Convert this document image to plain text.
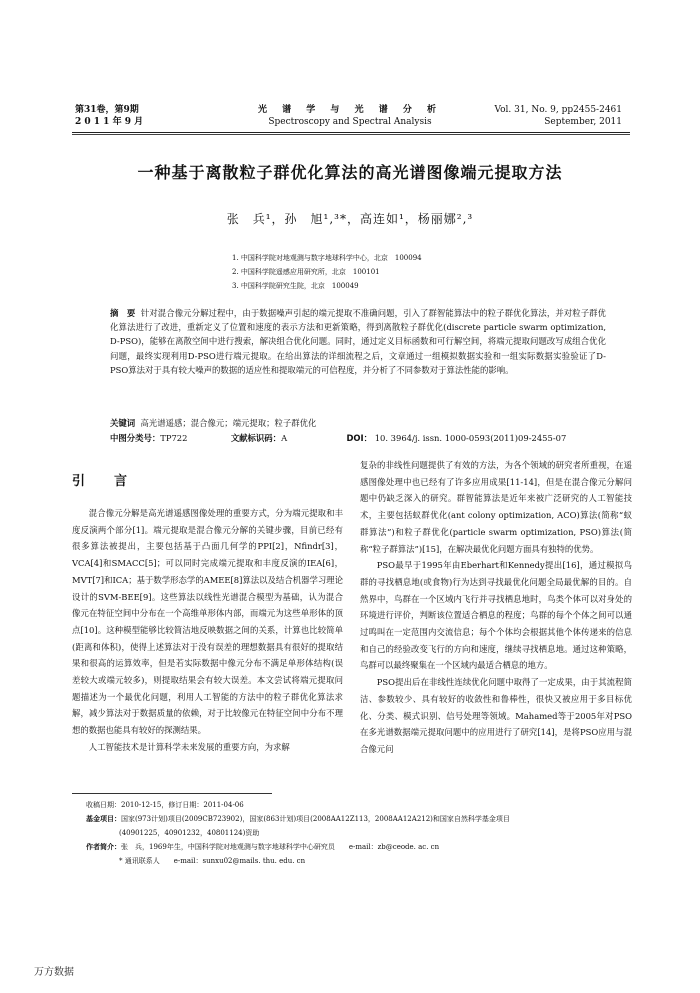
第31卷，第9期
2 0 1 1 年 9 月
光 谱 学 与 光 谱 分 析
Spectroscopy and Spectral Analysis
Vol. 31, No. 9, pp2455-2461
September, 2011
一种基于离散粒子群优化算法的高光谱图像端元提取方法
张　兵¹，孙　旭¹,³*，高连如¹，杨丽娜²,³
1. 中国科学院对地观测与数字地球科学中心，北京　100094
2. 中国科学院遥感应用研究所，北京　100101
3. 中国科学院研究生院，北京　100049
摘　要 针对混合像元分解过程中，由于数据噪声引起的端元提取不准确问题，引入了群智能算法中的粒子群优化算法，并对粒子群优化算法进行了改进，重新定义了位置和速度的表示方法和更新策略，得到离散粒子群优化(discrete particle swarm optimization, D-PSO)，能够在离散空间中进行搜索，解决组合优化问题。同时，通过定义目标函数和可行解空间，将端元提取问题改写成组合优化问题，最终实现利用D-PSO进行端元提取。在给出算法的详细流程之后，文章通过一组模拟数据实验和一组实际数据实验验证了D-PSO算法对于具有较大噪声的数据的适应性和提取端元的可信程度，并分析了不同参数对于算法性能的影响。
关键词 高光谱遥感；混合像元；端元提取；粒子群优化
中图分类号：TP722	文献标识码：A	DOI： 10. 3964/j. issn. 1000-0593(2011)09-2455-07
引　言

混合像元分解是高光谱遥感图像处理的重要方式，分为端元提取和丰度反演两个部分[1]。端元提取是混合像元分解的关键步骤，目前已经有很多算法被提出，主要包括基于凸面几何学的PPI[2]，Nfindr[3]，VCA[4]和SMACC[5]；可以同时完成端元提取和丰度反演的IEA[6]，MVT[7]和ICA；基于数学形态学的AMEE[8]算法以及结合机器学习理论设计的SVM-BEE[9]。这些算法以线性光谱混合模型为基础，认为混合像元在特征空间中分布在一个高维单形体内部，而端元为这些单形体的顶点[10]。这种模型能够比较简洁地反映数据之间的关系，计算也比较简单(距离和体积)，使得上述算法对于没有误差的理想数据具有很好的提取结果和很高的运算效率，但是若实际数据中像元分布不满足单形体结构(误差较大或端元较多)，则提取结果会有较大误差。本文尝试将端元提取问题描述为一个最优化问题，利用人工智能的方法中的粒子群优化算法求解，减少算法对于数据质量的依赖，对于比较像元在特征空间中分布不理想的数据也能具有较好的探测结果。

人工智能技术是计算科学未来发展的重要方向，为求解

复杂的非线性问题提供了有效的方法，为各个领域的研究者所重视，在遥感图像处理中也已经有了许多应用成果[11-14]，但是在混合像元分解问题中仍缺乏深入的研究。群智能算法是近年来被广泛研究的人工智能技术，主要包括蚁群优化(ant colony optimization, ACO)算法(简称“蚁群算法”)和粒子群优化(particle swarm optimization, PSO)算法(简称“粒子群算法”)[15]，在解决最优化问题方面具有独特的优势。

PSO最早于1995年由Eberhart和Kennedy提出[16]，通过模拟鸟群的寻找栖息地(或食物)行为达到寻找最优化问题全局最优解的目的。自然界中，鸟群在一个区域内飞行并寻找栖息地时，鸟类个体可以对身处的环境进行评价，判断该位置适合栖息的程度；鸟群的每个个体之间可以通过鸣叫在一定范围内交流信息；每个个体均会根据其他个体传递来的信息和自己的经验改变飞行的方向和速度，继续寻找栖息地。通过这种策略，鸟群可以最终聚集在一个区域内最适合栖息的地方。

PSO提出后在非线性连续优化问题中取得了一定成果，由于其流程简洁、参数较少、具有较好的收敛性和鲁棒性，很快又被应用于多目标优化、分类、模式识别、信号处理等领域。Mahamed等于2005年对PSO在多光谱数据端元提取问题中的应用进行了研究[14]，是将PSO应用与混合像元问

收稿日期：2010-12-15，修订日期：2011-04-06
基金项目：国家(973计划)项目(2009CB723902)，国家(863计划)项目(2008AA12Z113，2008AA12A212)和国家自然科学基金项目
(40901225，40901232，40801124)资助
作者简介：张　兵，1969年生，中国科学院对地观测与数字地球科学中心研究员　　e-mail：zb@ceode. ac. cn
* 通讯联系人　　e-mail：sunxu02@mails. thu. edu. cn
万方数据
